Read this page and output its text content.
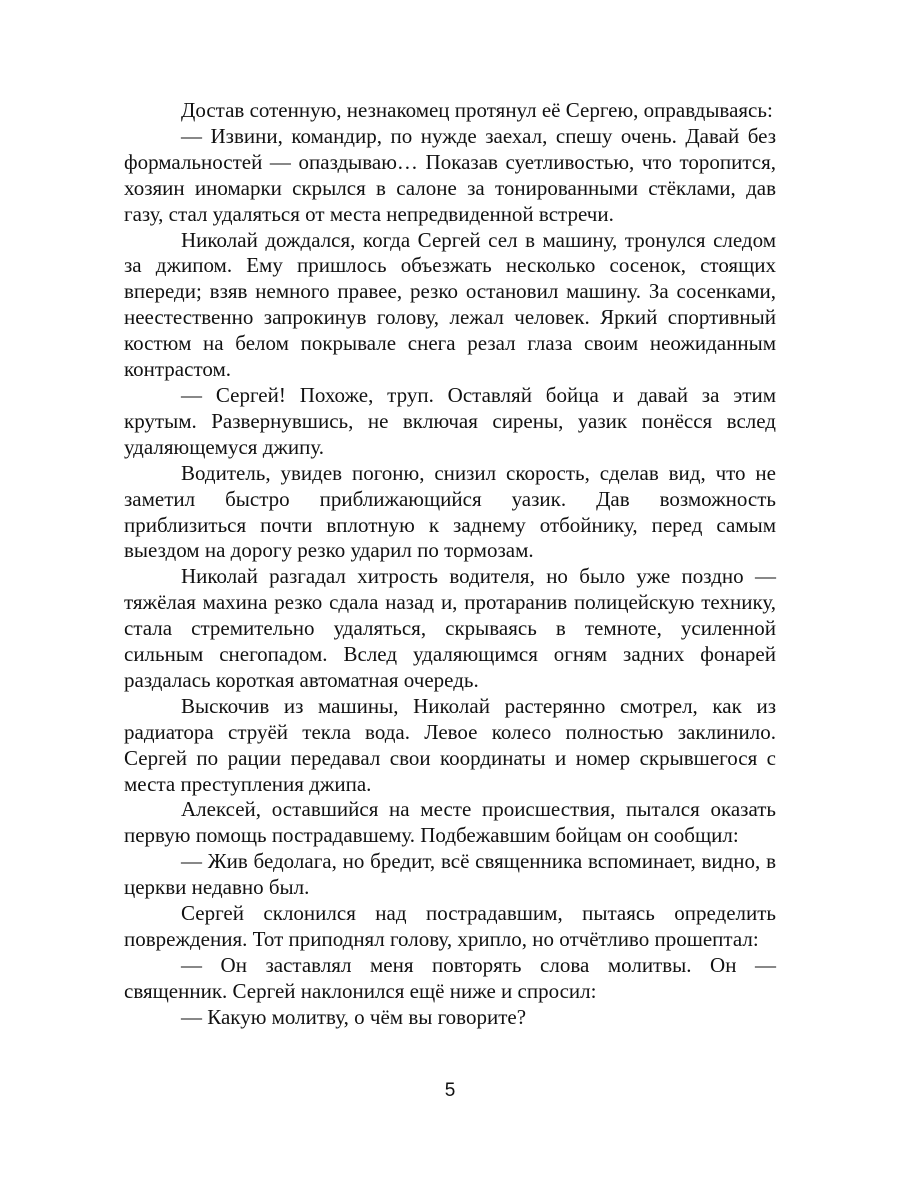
Достав сотенную, незнакомец протянул её Сергею, оправдываясь:

— Извини, командир, по нужде заехал, спешу очень. Давай без формальностей — опаздываю… Показав суетливостью, что торопится, хозяин иномарки скрылся в салоне за тонированными стёклами, дав газу, стал удаляться от места непредвиденной встречи.

Николай дождался, когда Сергей сел в машину, тронулся следом за джипом. Ему пришлось объезжать несколько сосенок, стоящих впереди; взяв немного правее, резко остановил машину. За сосенками, неестественно запрокинув голову, лежал человек. Яркий спортивный костюм на белом покрывале снега резал глаза своим неожиданным контрастом.

— Сергей! Похоже, труп. Оставляй бойца и давай за этим крутым. Развернувшись, не включая сирены, уазик понёсся вслед удаляющемуся джипу.

Водитель, увидев погоню, снизил скорость, сделав вид, что не заметил быстро приближающийся уазик. Дав возможность приблизиться почти вплотную к заднему отбойнику, перед самым выездом на дорогу резко ударил по тормозам.

Николай разгадал хитрость водителя, но было уже поздно — тяжёлая махина резко сдала назад и, протаранив полицейскую технику, стала стремительно удаляться, скрываясь в темноте, усиленной сильным снегопадом. Вслед удаляющимся огням задних фонарей раздалась короткая автоматная очередь.

Выскочив из машины, Николай растерянно смотрел, как из радиатора струёй текла вода. Левое колесо полностью заклинило. Сергей по рации передавал свои координаты и номер скрывшегося с места преступления джипа.

Алексей, оставшийся на месте происшествия, пытался оказать первую помощь пострадавшему. Подбежавшим бойцам он сообщил:

— Жив бедолага, но бредит, всё священника вспоминает, видно, в церкви недавно был.

Сергей склонился над пострадавшим, пытаясь определить повреждения. Тот приподнял голову, хрипло, но отчётливо прошептал:

— Он заставлял меня повторять слова молитвы. Он — священник. Сергей наклонился ещё ниже и спросил:

— Какую молитву, о чём вы говорите?

5
